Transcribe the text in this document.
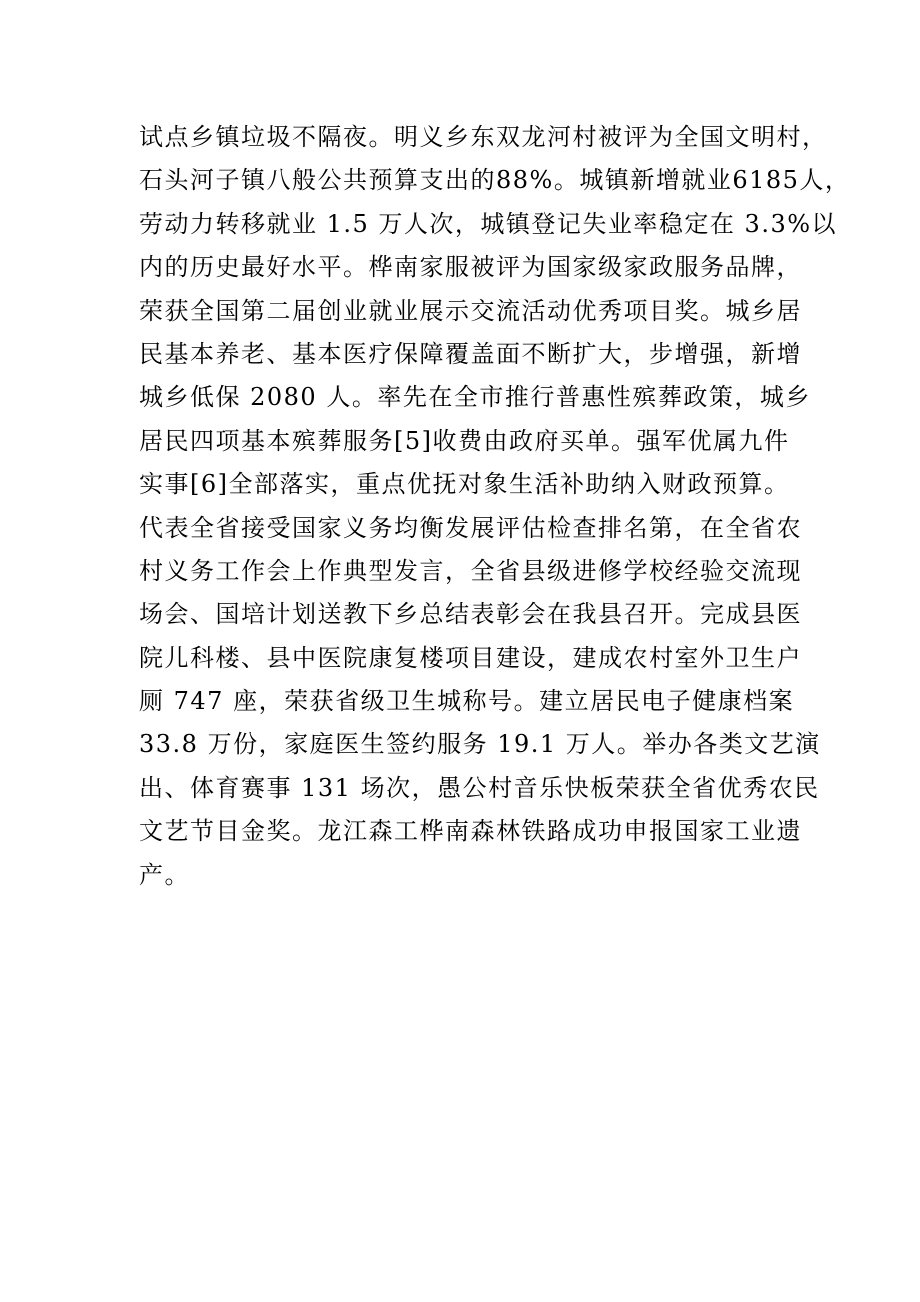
试点乡镇垃圾不隔夜。明义乡东双龙河村被评为全国文明村，
石头河子镇八般公共预算支出的88%。城镇新增就业6185人，
劳动力转移就业 1.5 万人次，城镇登记失业率稳定在 3.3%以
内的历史最好水平。桦南家服被评为国家级家政服务品牌，
荣获全国第二届创业就业展示交流活动优秀项目奖。城乡居
民基本养老、基本医疗保障覆盖面不断扩大，步增强，新增
城乡低保 2080 人。率先在全市推行普惠性殡葬政策，城乡
居民四项基本殡葬服务[5]收费由政府买单。强军优属九件
实事[6]全部落实，重点优抚对象生活补助纳入财政预算。
代表全省接受国家义务均衡发展评估检查排名第，在全省农
村义务工作会上作典型发言，全省县级进修学校经验交流现
场会、国培计划送教下乡总结表彰会在我县召开。完成县医
院儿科楼、县中医院康复楼项目建设，建成农村室外卫生户
厕 747 座，荣获省级卫生城称号。建立居民电子健康档案
33.8 万份，家庭医生签约服务 19.1 万人。举办各类文艺演
出、体育赛事 131 场次，愚公村音乐快板荣获全省优秀农民
文艺节目金奖。龙江森工桦南森林铁路成功申报国家工业遗
产。
